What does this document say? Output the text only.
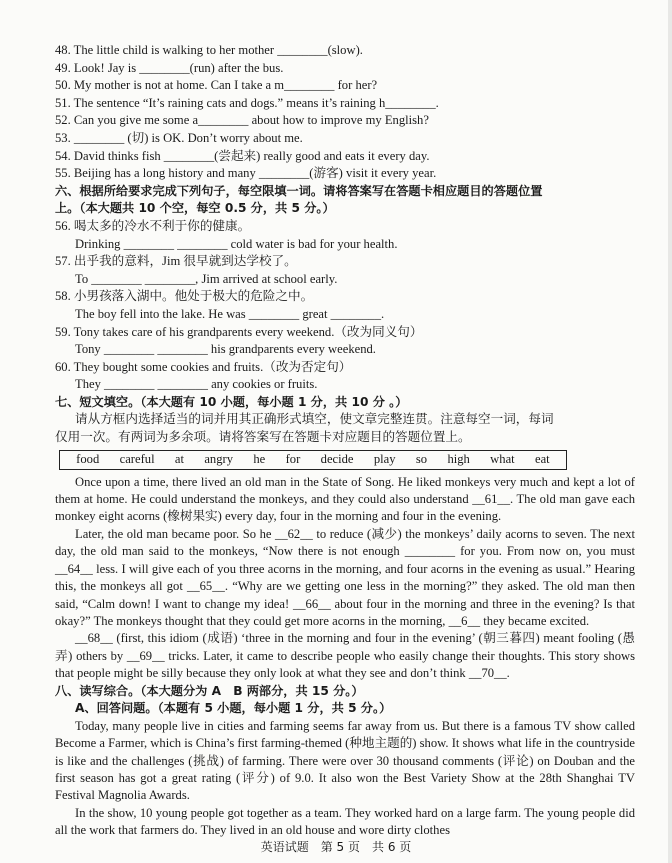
48. The little child is walking to her mother ________(slow).
49. Look! Jay is ________(run) after the bus.
50. My mother is not at home. Can I take a m________ for her?
51. The sentence “It’s raining cats and dogs.” means it’s raining h________.
52. Can you give me some a________ about how to improve my English?
53. ________ (切) is OK. Don’t worry about me.
54. David thinks fish ________(尝起来) really good and eats it every day.
55. Beijing has a long history and many ________(游客) visit it every year.
六、根据所给要求完成下列句子，每空限填一词。请将答案写在答题卡相应题目的答题位置
上。（本大题共 10 个空，每空 0.5 分，共 5 分。）
56. 喝太多的冷水不利于你的健康。
Drinking ________ ________ cold water is bad for your health.
57. 出乎我的意料，Jim 很早就到达学校了。
To ________ ________, Jim arrived at school early.
58. 小男孩落入湖中。他处于极大的危险之中。
The boy fell into the lake. He was ________ great ________.
59. Tony takes care of his grandparents every weekend.（改为同义句）
Tony ________ ________ his grandparents every weekend.
60. They bought some cookies and fruits.（改为否定句）
They ________ ________ any cookies or fruits.
七、短文填空。（本大题有 10 小题，每小题 1 分，共 10 分 。）
请从方框内选择适当的词并用其正确形式填空，使文章完整连贯。注意每空一词，每词
仅用一次。有两词为多余项。请将答案写在答题卡对应题目的答题位置上。
food careful at angry he for decide play so high what eat

Once upon a time, there lived an old man in the State of Song. He liked monkeys very much and kept a lot of them at home. He could understand the monkeys, and they could also understand __61__. The old man gave each monkey eight acorns (橡树果实) every day, four in the morning and four in the evening.

Later, the old man became poor. So he __62__ to reduce (减少) the monkeys’ daily acorns to seven. The next day, the old man said to the monkeys, “Now there is not enough ________ for you. From now on, you must __64__ less. I will give each of you three acorns in the morning, and four acorns in the evening as usual.” Hearing this, the monkeys all got __65__. “Why are we getting one less in the morning?” they asked. The old man then said, “Calm down! I want to change my idea! __66__ about four in the morning and three in the evening? Is that okay?” The monkeys thought that they could get more acorns in the morning, __6__ they became excited.

__68__ (first, this idiom (成语) ‘three in the morning and four in the evening’ (朝三暮四) meant fooling (愚弄) others by __69__ tricks. Later, it came to describe people who easily change their thoughts. This story shows that people might be silly because they only look at what they see and don’t think __70__.

八、读写综合。（本大题分为 A　B 两部分，共 15 分。）
A、回答问题。（本题有 5 小题，每小题 1 分，共 5 分。）

Today, many people live in cities and farming seems far away from us. But there is a famous TV show called Become a Farmer, which is China’s first farming-themed (种地主题的) show. It shows what life in the countryside is like and the challenges (挑战) of farming. There were over 30 thousand comments (评论) on Douban and the first season has got a great rating (评分) of 9.0. It also won the Best Variety Show at the 28th Shanghai TV Festival Magnolia Awards.

In the show, 10 young people got together as a team. They worked hard on a large farm. The young people did all the work that farmers do. They lived in an old house and wore dirty clothes

英语试题　第 5 页　共 6 页
